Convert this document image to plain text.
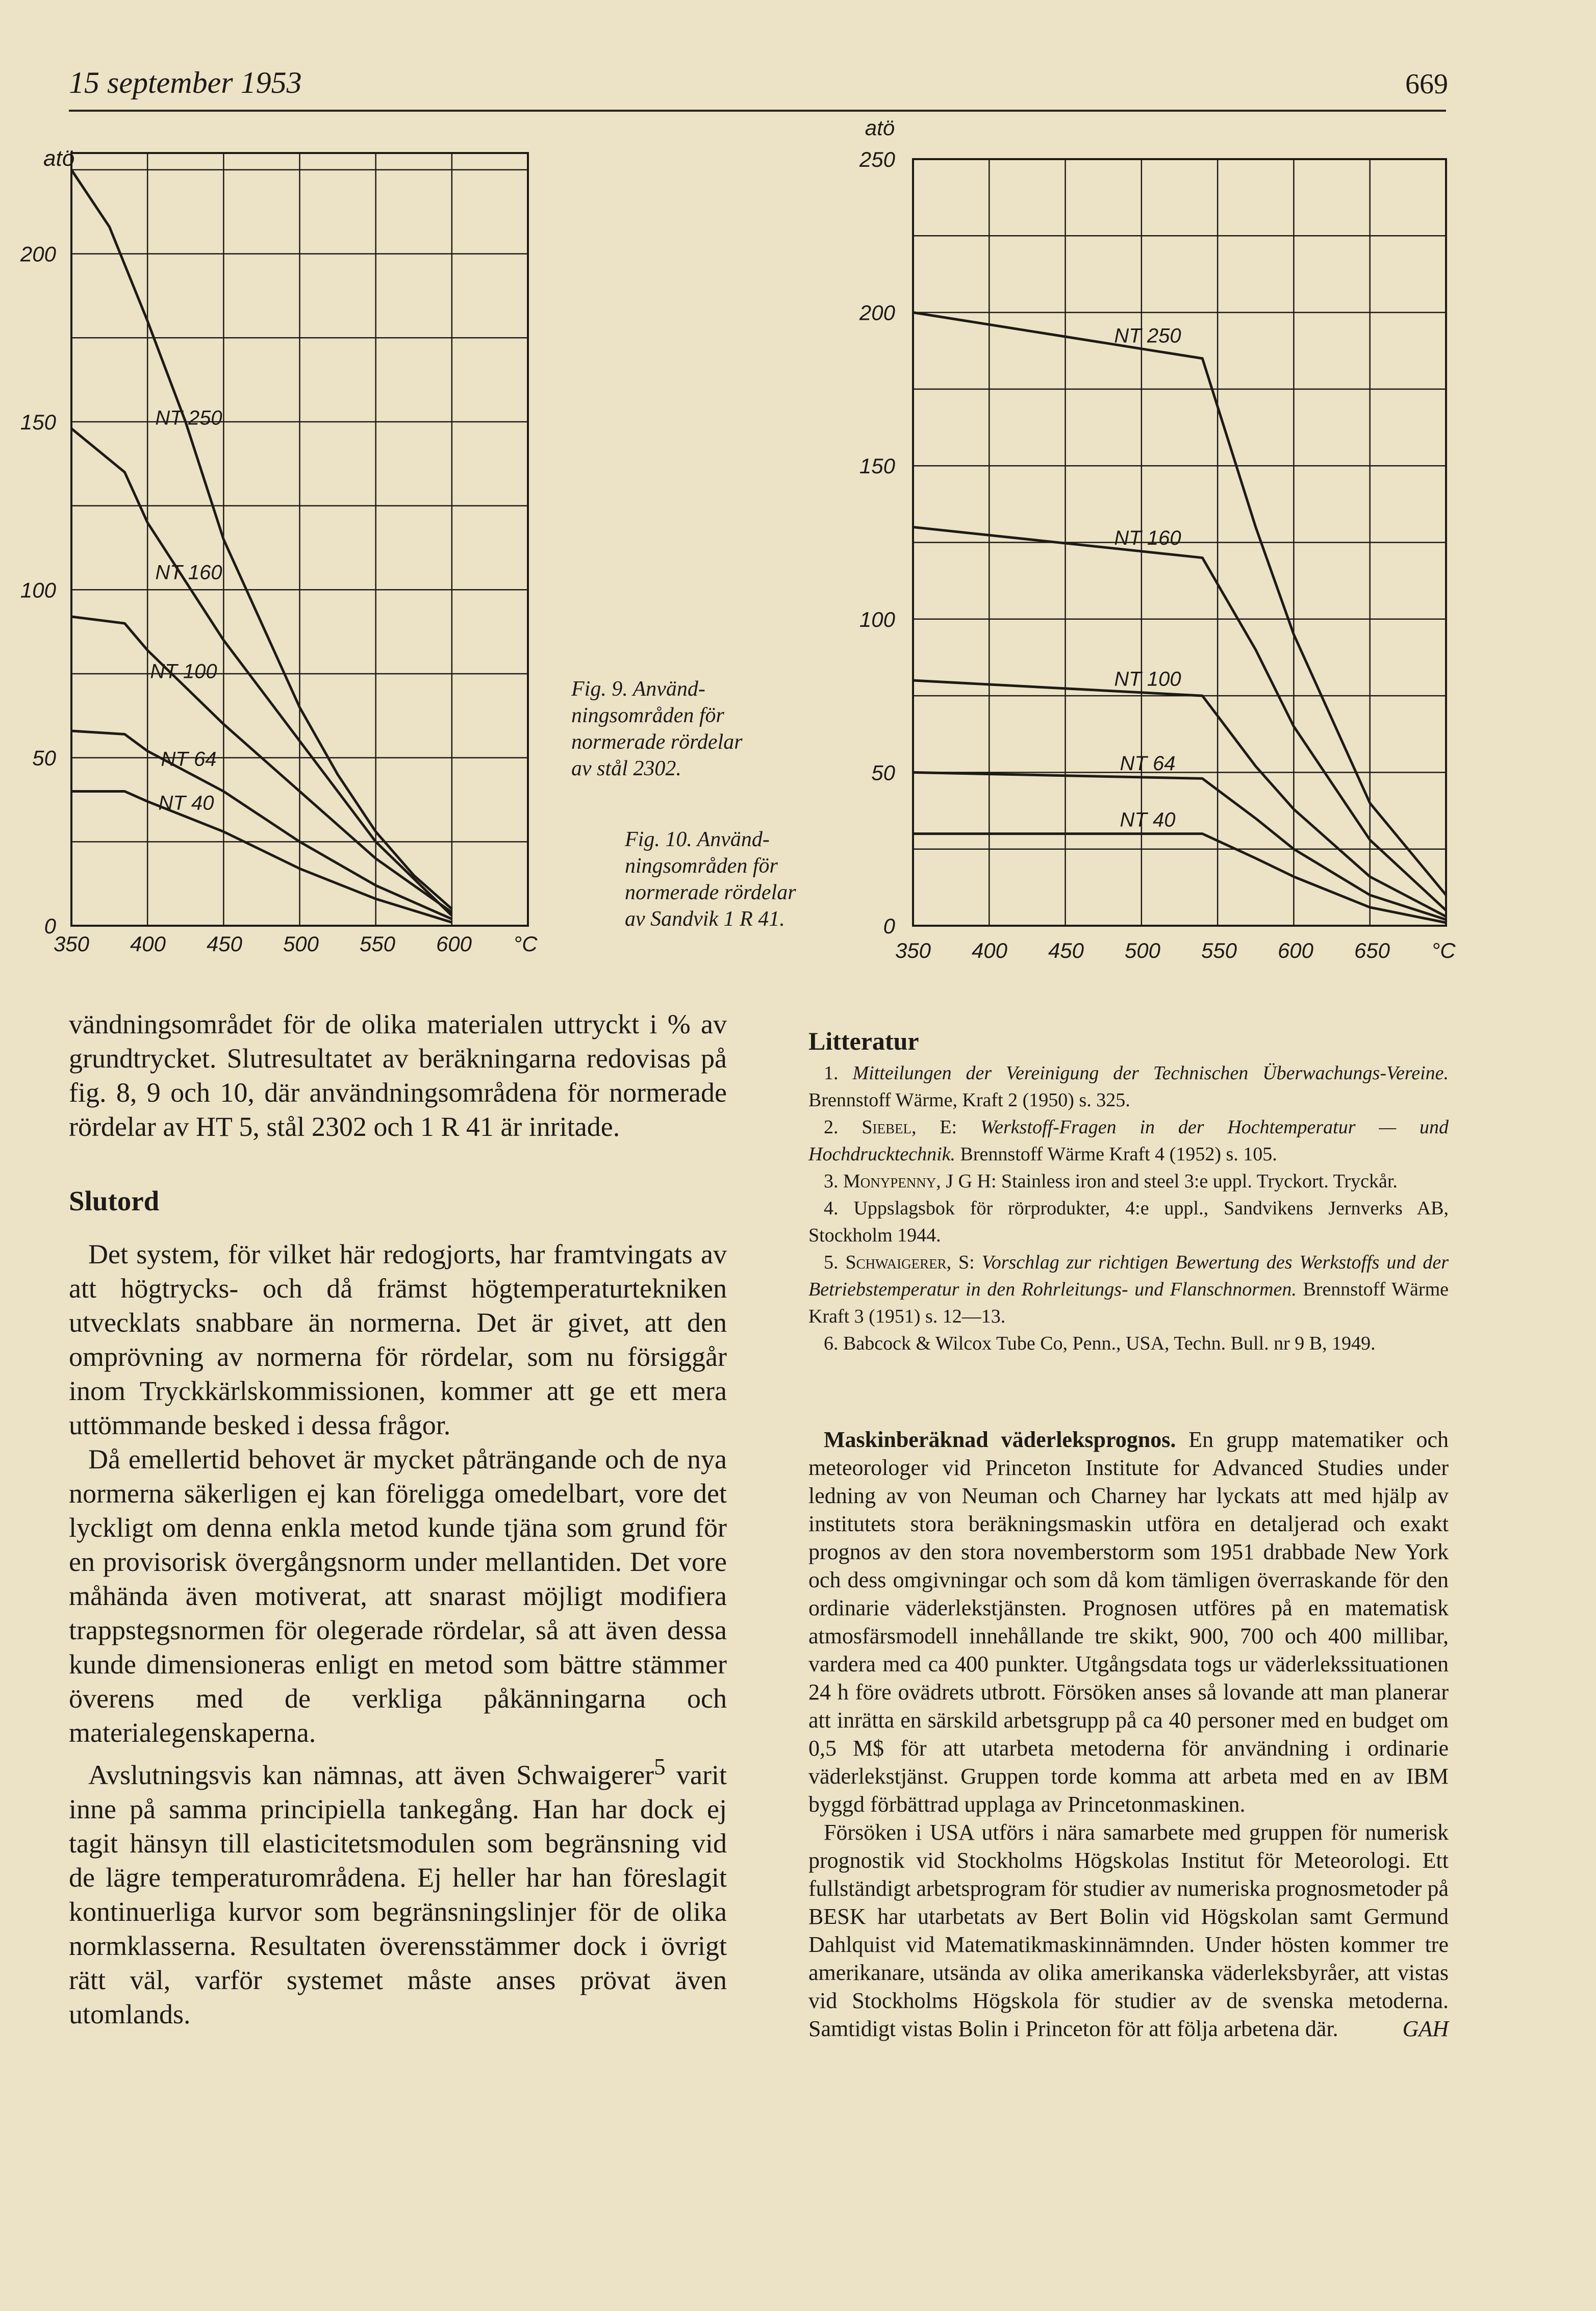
15 september 1953	669
atö
0
50
100
150
200
350 400 450 500 550 600 °C
NT 250
NT 160
NT 100
NT 64
NT 40
atö
0
50
100
150
200
250
350 400 450 500 550 600 650 °C
NT 250
NT 160
NT 100
NT 64
NT 40
Fig. 9. Använd-
ningsområden för
normerade rördelar
av stål 2302.
Fig. 10. Använd-
ningsområden för
normerade rördelar
av Sandvik 1 R 41.

vändningsområdet för de olika materialen uttryckt i % av grundtrycket. Slutresultatet av beräkningarna redovisas på fig. 8, 9 och 10, där användningsområdena för normerade rördelar av HT 5, stål 2302 och 1 R 41 är inritade.

Slutord

Det system, för vilket här redogjorts, har framtvingats av att högtrycks- och då främst högtemperaturtekniken utvecklats snabbare än normerna. Det är givet, att den omprövning av normerna för rördelar, som nu försiggår inom Tryckkärlskommissionen, kommer att ge ett mera uttömmande besked i dessa frågor.

Då emellertid behovet är mycket påträngande och de nya normerna säkerligen ej kan föreligga omedelbart, vore det lyckligt om denna enkla metod kunde tjäna som grund för en provisorisk övergångsnorm under mellantiden. Det vore måhända även motiverat, att snarast möjligt modifiera trappstegsnormen för olegerade rördelar, så att även dessa kunde dimensioneras enligt en metod som bättre stämmer överens med de verkliga påkänningarna och materialegenskaperna.

Avslutningsvis kan nämnas, att även Schwaigerer$^5$ varit inne på samma principiella tankegång. Han har dock ej tagit hänsyn till elasticitetsmodulen som begränsning vid de lägre temperaturområdena. Ej heller har han föreslagit kontinuerliga kurvor som begränsningslinjer för de olika normklasserna. Resultaten överensstämmer dock i övrigt rätt väl, varför systemet måste anses prövat även utomlands.

Litteratur

1. Mitteilungen der Vereinigung der Technischen Überwachungs-Vereine. Brennstoff Wärme, Kraft 2 (1950) s. 325.

2. Siebel, E: Werkstoff-Fragen in der Hochtemperatur — und Hochdrucktechnik. Brennstoff Wärme Kraft 4 (1952) s. 105.

3. Monypenny, J G H: Stainless iron and steel 3:e uppl. Tryckort. Tryckår.

4. Uppslagsbok för rörprodukter, 4:e uppl., Sandvikens Jernverks AB, Stockholm 1944.

5. Schwaigerer, S: Vorschlag zur richtigen Bewertung des Werkstoffs und der Betriebstemperatur in den Rohrleitungs- und Flanschnormen. Brennstoff Wärme Kraft 3 (1951) s. 12—13.

6. Babcock & Wilcox Tube Co, Penn., USA, Techn. Bull. nr 9 B, 1949.

Maskinberäknad väderleksprognos. En grupp matematiker och meteorologer vid Princeton Institute for Advanced Studies under ledning av von Neuman och Charney har lyckats att med hjälp av institutets stora beräkningsmaskin utföra en detaljerad och exakt prognos av den stora novemberstorm som 1951 drabbade New York och dess omgivningar och som då kom tämligen överraskande för den ordinarie väderlekstjänsten. Prognosen utföres på en matematisk atmosfärsmodell innehållande tre skikt, 900, 700 och 400 millibar, vardera med ca 400 punkter. Utgångsdata togs ur väderlekssituationen 24 h före ovädrets utbrott. Försöken anses så lovande att man planerar att inrätta en särskild arbetsgrupp på ca 40 personer med en budget om 0,5 M$ för att utarbeta metoderna för användning i ordinarie väderlekstjänst. Gruppen torde komma att arbeta med en av IBM byggd förbättrad upplaga av Princetonmaskinen.

Försöken i USA utförs i nära samarbete med gruppen för numerisk prognostik vid Stockholms Högskolas Institut för Meteorologi. Ett fullständigt arbetsprogram för studier av numeriska prognosmetoder på BESK har utarbetats av Bert Bolin vid Högskolan samt Germund Dahlquist vid Matematikmaskinnämnden. Under hösten kommer tre amerikanare, utsända av olika amerikanska väderleksbyråer, att vistas vid Stockholms Högskola för studier av de svenska metoderna. Samtidigt vistas Bolin i Princeton för att följa arbetena där.	GAH
